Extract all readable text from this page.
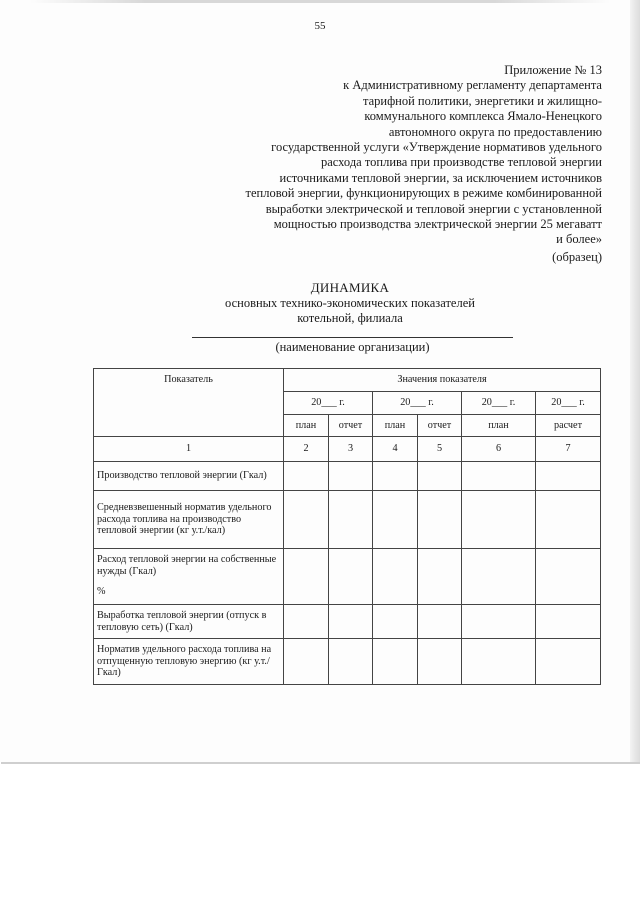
55
Приложение № 13
к Административному регламенту департамента
тарифной политики, энергетики и жилищно-
коммунального комплекса Ямало-Ненецкого
автономного округа по предоставлению
государственной услуги «Утверждение нормативов удельного
расхода топлива при производстве тепловой энергии
источниками тепловой энергии, за исключением источников
тепловой энергии, функционирующих в режиме комбинированной
выработки электрической и тепловой энергии с установленной
мощностью производства электрической энергии 25 мегаватт
и более»
(образец)
ДИНАМИКА
основных технико-экономических показателей
котельной, филиала
(наименование организации)
Показатель	Значения показателя					
	20___ г.		20___ г.		20___ г.	20___ г.
	план	отчет	план	отчет	план	расчет
1	2	3	4	5	6	7
Производство тепловой энергии (Гкал)						
Средневзвешенный норматив удельного расхода топлива на производство тепловой энергии (кг у.т./кал)						

Расход тепловой энергии на собственные нужды (Гкал)
%						

Выработка тепловой энергии (отпуск в тепловую сеть) (Гкал)						
Норматив удельного расхода топлива на отпущенную тепловую энергию (кг у.т./Гкал)						
